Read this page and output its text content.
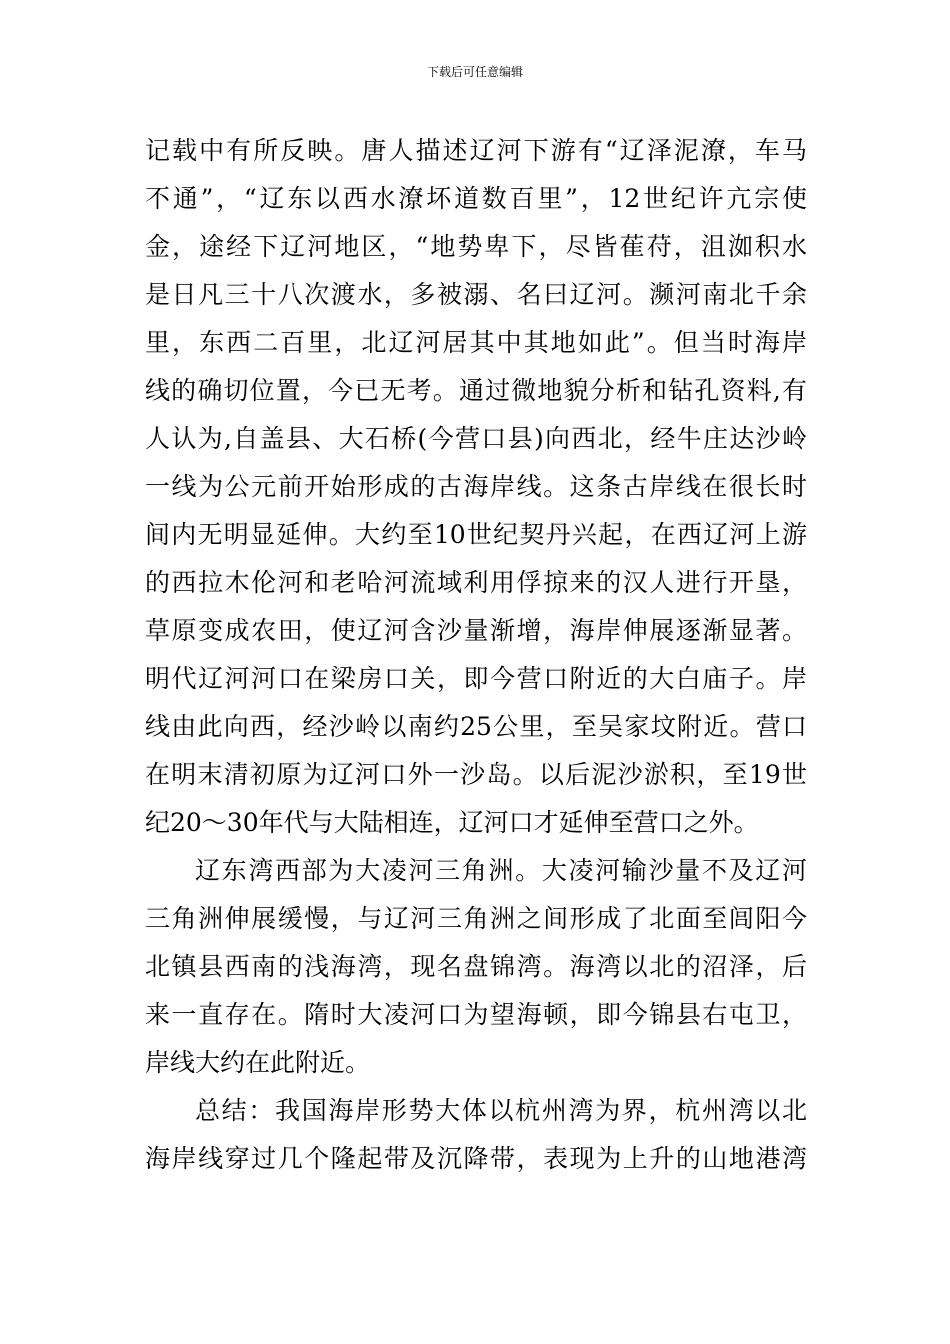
下载后可任意编辑
记载中有所反映。唐人描述辽河下游有“辽泽泥潦，车马
不通”，“辽东以西水潦坏道数百里”，12世纪许亢宗使
金，途经下辽河地区，“地势卑下，尽皆萑苻，沮洳积水
是日凡三十八次渡水，多被溺、名曰辽河。濒河南北千余
里，东西二百里，北辽河居其中其地如此”。但当时海岸
线的确切位置，今已无考。通过微地貌分析和钻孔资料,有
人认为,自盖县、大石桥(今营口县)向西北，经牛庄达沙岭
一线为公元前开始形成的古海岸线。这条古岸线在很长时
间内无明显延伸。大约至10世纪契丹兴起，在西辽河上游
的西拉木伦河和老哈河流域利用俘掠来的汉人进行开垦，
草原变成农田，使辽河含沙量渐增，海岸伸展逐渐显著。
明代辽河河口在梁房口关，即今营口附近的大白庙子。岸
线由此向西，经沙岭以南约25公里，至吴家坟附近。营口
在明末清初原为辽河口外一沙岛。以后泥沙淤积，至19世
纪20～30年代与大陆相连，辽河口才延伸至营口之外。
辽东湾西部为大凌河三角洲。大凌河输沙量不及辽河
三角洲伸展缓慢，与辽河三角洲之间形成了北面至闾阳今
北镇县西南的浅海湾，现名盘锦湾。海湾以北的沼泽，后
来一直存在。隋时大凌河口为望海顿，即今锦县右屯卫，
岸线大约在此附近。
总结：我国海岸形势大体以杭州湾为界，杭州湾以北
海岸线穿过几个隆起带及沉降带，表现为上升的山地港湾
